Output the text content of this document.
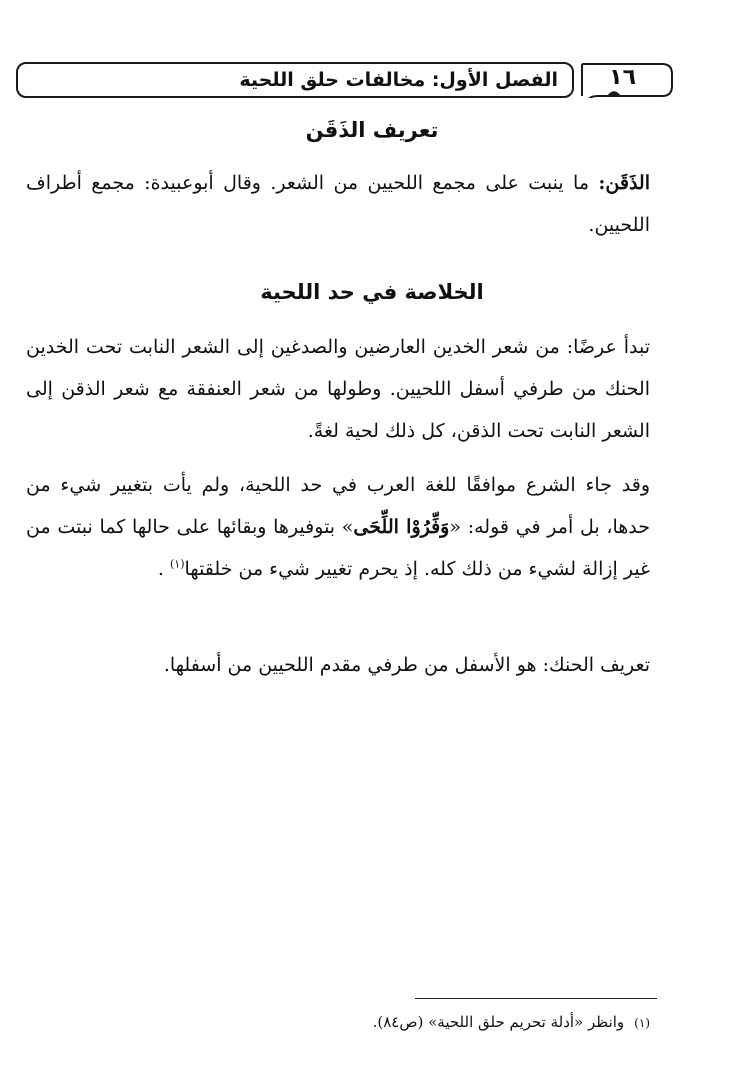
الفصل الأول: مخالفات حلق اللحية ١٦
تعريف الذَقَن

الذَقَن: ما ينبت على مجمع اللحيين من الشعر. وقال أبوعبيدة: مجمع أطراف اللحيين.

الخلاصة في حد اللحية

تبدأ عرضًا: من شعر الخدين العارضين والصدغين إلى الشعر النابت تحت الخدين الحنك من طرفي أسفل اللحيين. وطولها من شعر العنفقة مع شعر الذقن إلى الشعر النابت تحت الذقن، كل ذلك لحية لغةً.

وقد جاء الشرع موافقًا للغة العرب في حد اللحية، ولم يأت بتغيير شيء من حدها، بل أمر في قوله: «وَفِّرُوْا اللِّحَى» بتوفيرها وبقائها على حالها كما نبتت من غير إزالة لشيء من ذلك كله. إذ يحرم تغيير شيء من خلقتها$^{(١)}$ .

تعريف الحنك: هو الأسفل من طرفي مقدم اللحيين من أسفلها.

(١)وانظر «أدلة تحريم حلق اللحية» (ص٨٤).
